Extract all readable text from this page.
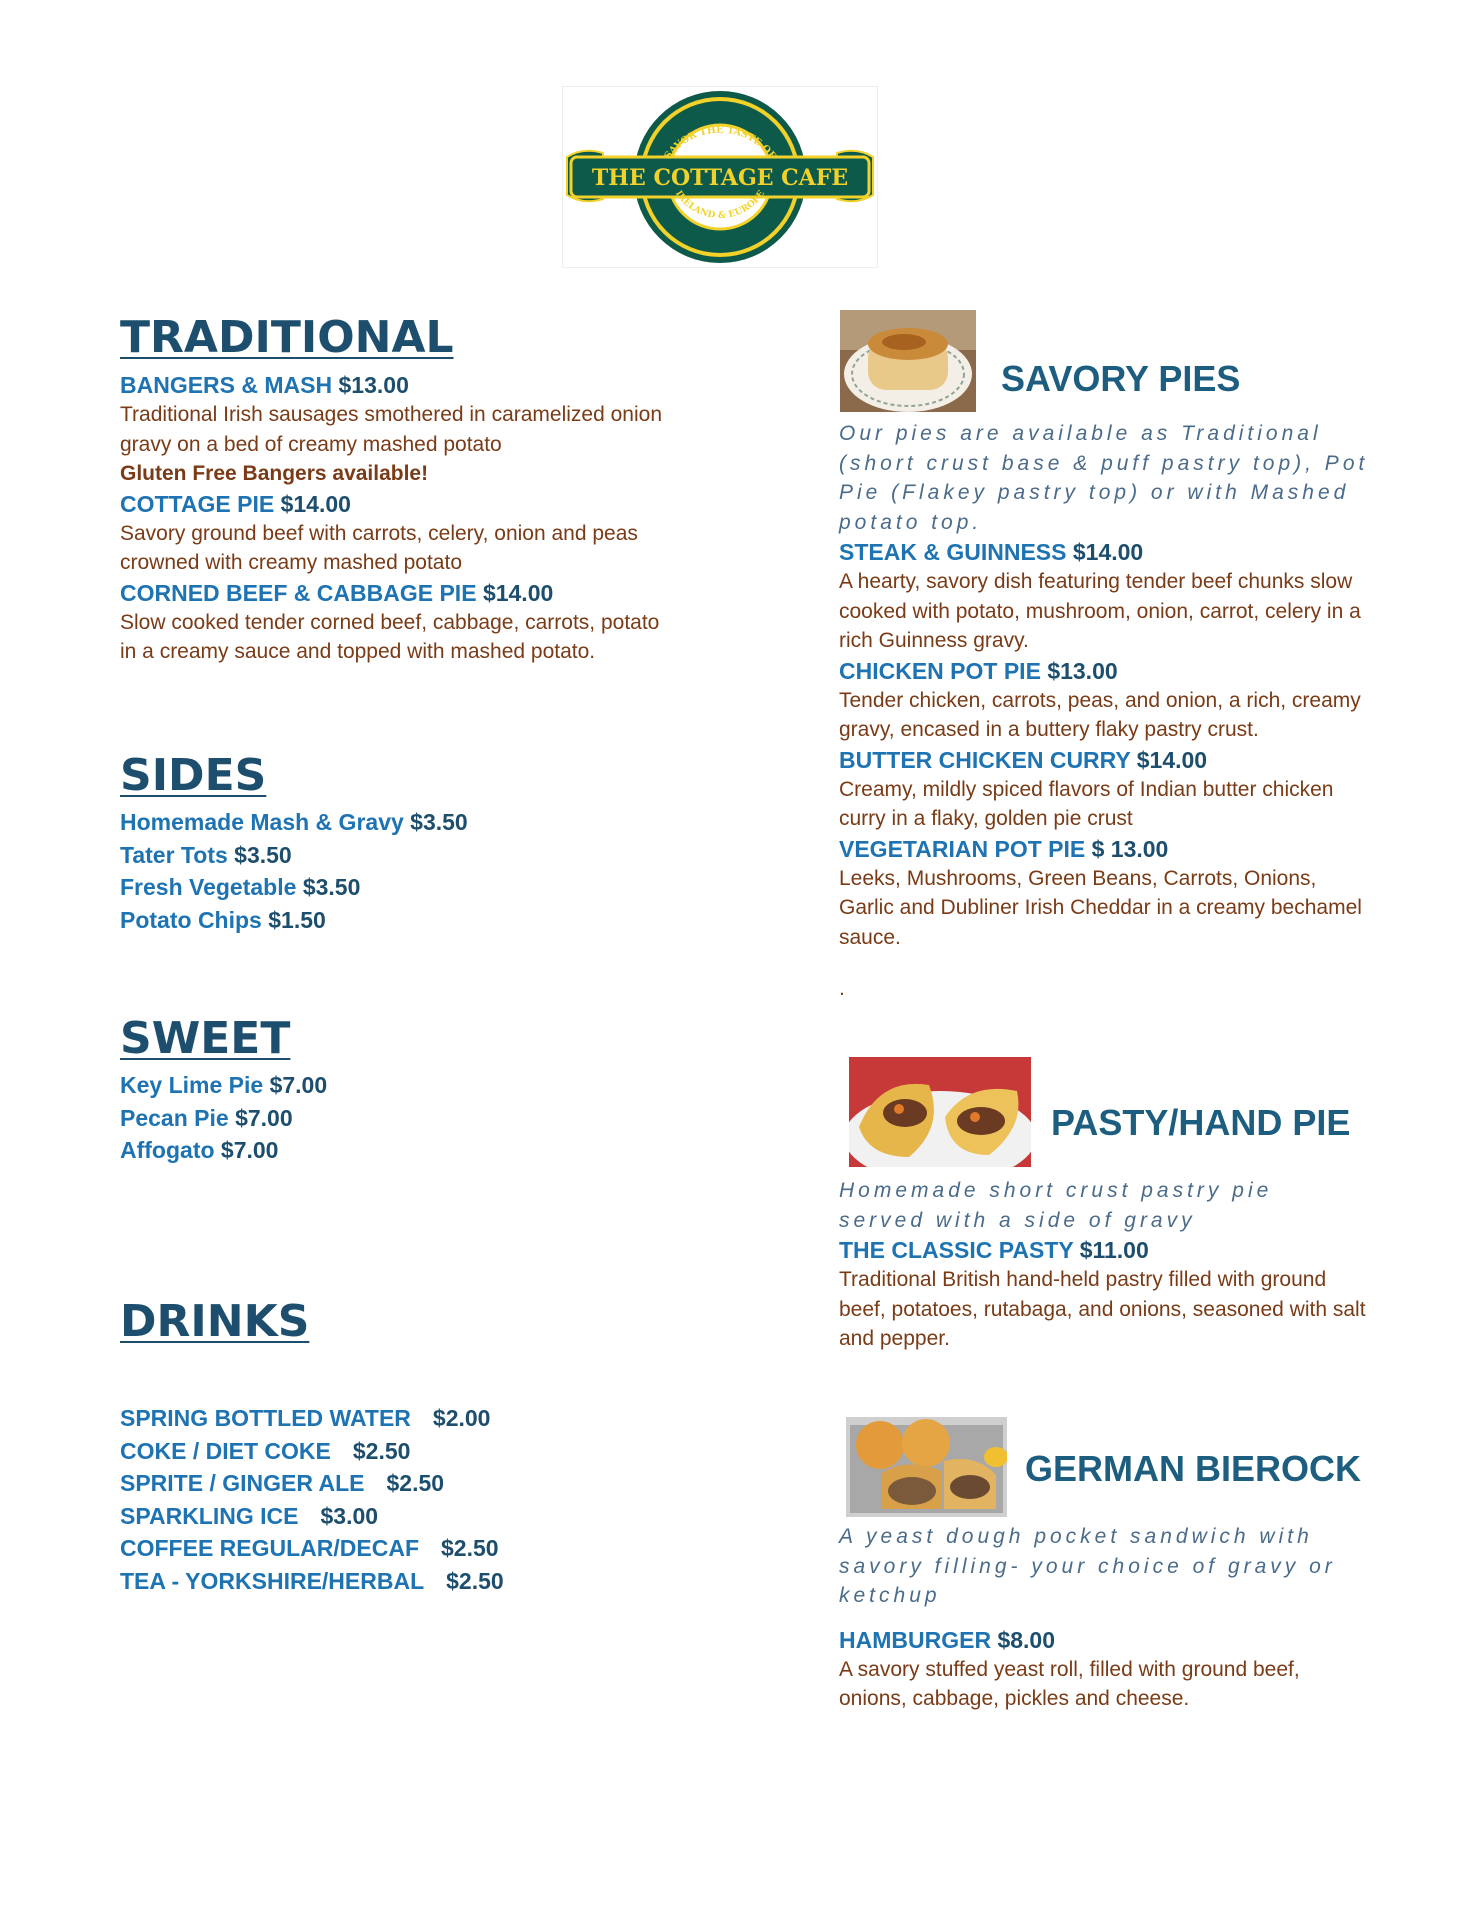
THE COTTAGE CAFE
SAVOR THE TASTE OF
IRELAND & EUROPE
TRADITIONAL

BANGERS & MASH $13.00

Traditional Irish sausages smothered in caramelized onion gravy on a bed of creamy mashed potato

Gluten Free Bangers available!

COTTAGE PIE $14.00

Savory ground beef with carrots, celery, onion and peas crowned with creamy mashed potato

CORNED BEEF & CABBAGE PIE $14.00

Slow cooked tender corned beef, cabbage, carrots, potato in a creamy sauce and topped with mashed potato.

SIDES

Homemade Mash & Gravy $3.50

Tater Tots $3.50

Fresh Vegetable $3.50

Potato Chips $1.50

SWEET

Key Lime Pie $7.00

Pecan Pie $7.00

Affogato $7.00

DRINKS

SPRING BOTTLED WATER $2.00

COKE / DIET COKE $2.50

SPRITE / GINGER ALE $2.50

SPARKLING ICE $3.00

COFFEE REGULAR/DECAF $2.50

TEA - YORKSHIRE/HERBAL $2.50

SAVORY PIES

Our pies are available as Traditional (short crust base & puff pastry top), Pot Pie (Flakey pastry top) or with Mashed potato top.

STEAK & GUINNESS $14.00

A hearty, savory dish featuring tender beef chunks slow cooked with potato, mushroom, onion, carrot, celery in a rich Guinness gravy.

CHICKEN POT PIE $13.00

Tender chicken, carrots, peas, and onion, a rich, creamy gravy, encased in a buttery flaky pastry crust.

BUTTER CHICKEN CURRY $14.00

Creamy, mildly spiced flavors of Indian butter chicken curry in a flaky, golden pie crust

VEGETARIAN POT PIE $ 13.00

Leeks, Mushrooms, Green Beans, Carrots, Onions, Garlic and Dubliner Irish Cheddar in a creamy bechamel sauce.

.

PASTY/HAND PIE

Homemade short crust pastry pie served with a side of gravy

THE CLASSIC PASTY $11.00

Traditional British hand-held pastry filled with ground beef, potatoes, rutabaga, and onions, seasoned with salt and pepper.

GERMAN BIEROCK

A yeast dough pocket sandwich with savory filling- your choice of gravy or ketchup

HAMBURGER $8.00

A savory stuffed yeast roll, filled with ground beef, onions, cabbage, pickles and cheese.
